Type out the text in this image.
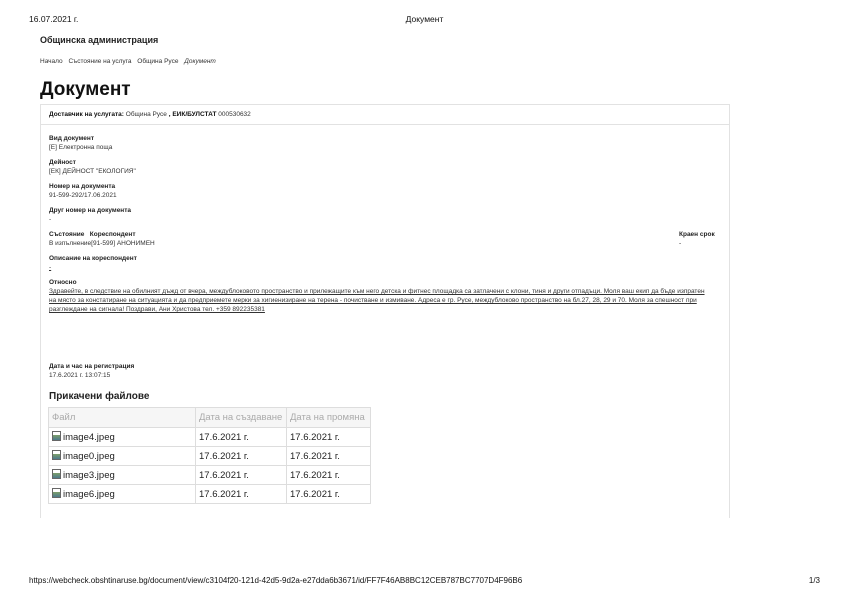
16.07.2021 г.	Документ
Общинска администрация
Начало Състояние на услуга Община Русе Документ
Документ
Доставчик на услугата: Община Русе , ЕИК/БУЛСТАТ 000530632
Вид документ
[E] Електронна поща
Дейност
[ЕК] ДЕЙНОСТ "ЕКОЛОГИЯ"
Номер на документа
91-599-292/17.06.2021
Друг номер на документа
-
Състояние Кореспондент
В изпълнение[91-599] АНОНИМЕН
Краен срок
-
Описание на кореспондент
-
Относно
Здравейте, в следствие на обилният дъжд от вчера, междублоковото пространство и прилежащите към него детска и фитнес площадка са затлачени с клони, тиня и други отпадъци. Моля ваш екип да бъде изпратен на място за констатиране на ситуацията и да предприемете мерки за хигиенизиране на терена - почистване и измиване. Адреса е гр. Русе, междублоково пространство на бл.27, 28, 29 и 70. Моля за спешност при разглеждане на сигнала! Поздрави, Ани Христова тел. +359 892235381
Дата и час на регистрация
17.6.2021 г. 13:07:15
Прикачени файлове
Файл	Дата на създаване	Дата на промяна
image4.jpeg	17.6.2021 г.	17.6.2021 г.
image0.jpeg	17.6.2021 г.	17.6.2021 г.
image3.jpeg	17.6.2021 г.	17.6.2021 г.
image6.jpeg	17.6.2021 г.	17.6.2021 г.
https://webcheck.obshtinaruse.bg/document/view/c3104f20-121d-42d5-9d2a-e27dda6b3671/id/FF7F46AB8BC12CEB787BC7707D4F96B6	1/3
